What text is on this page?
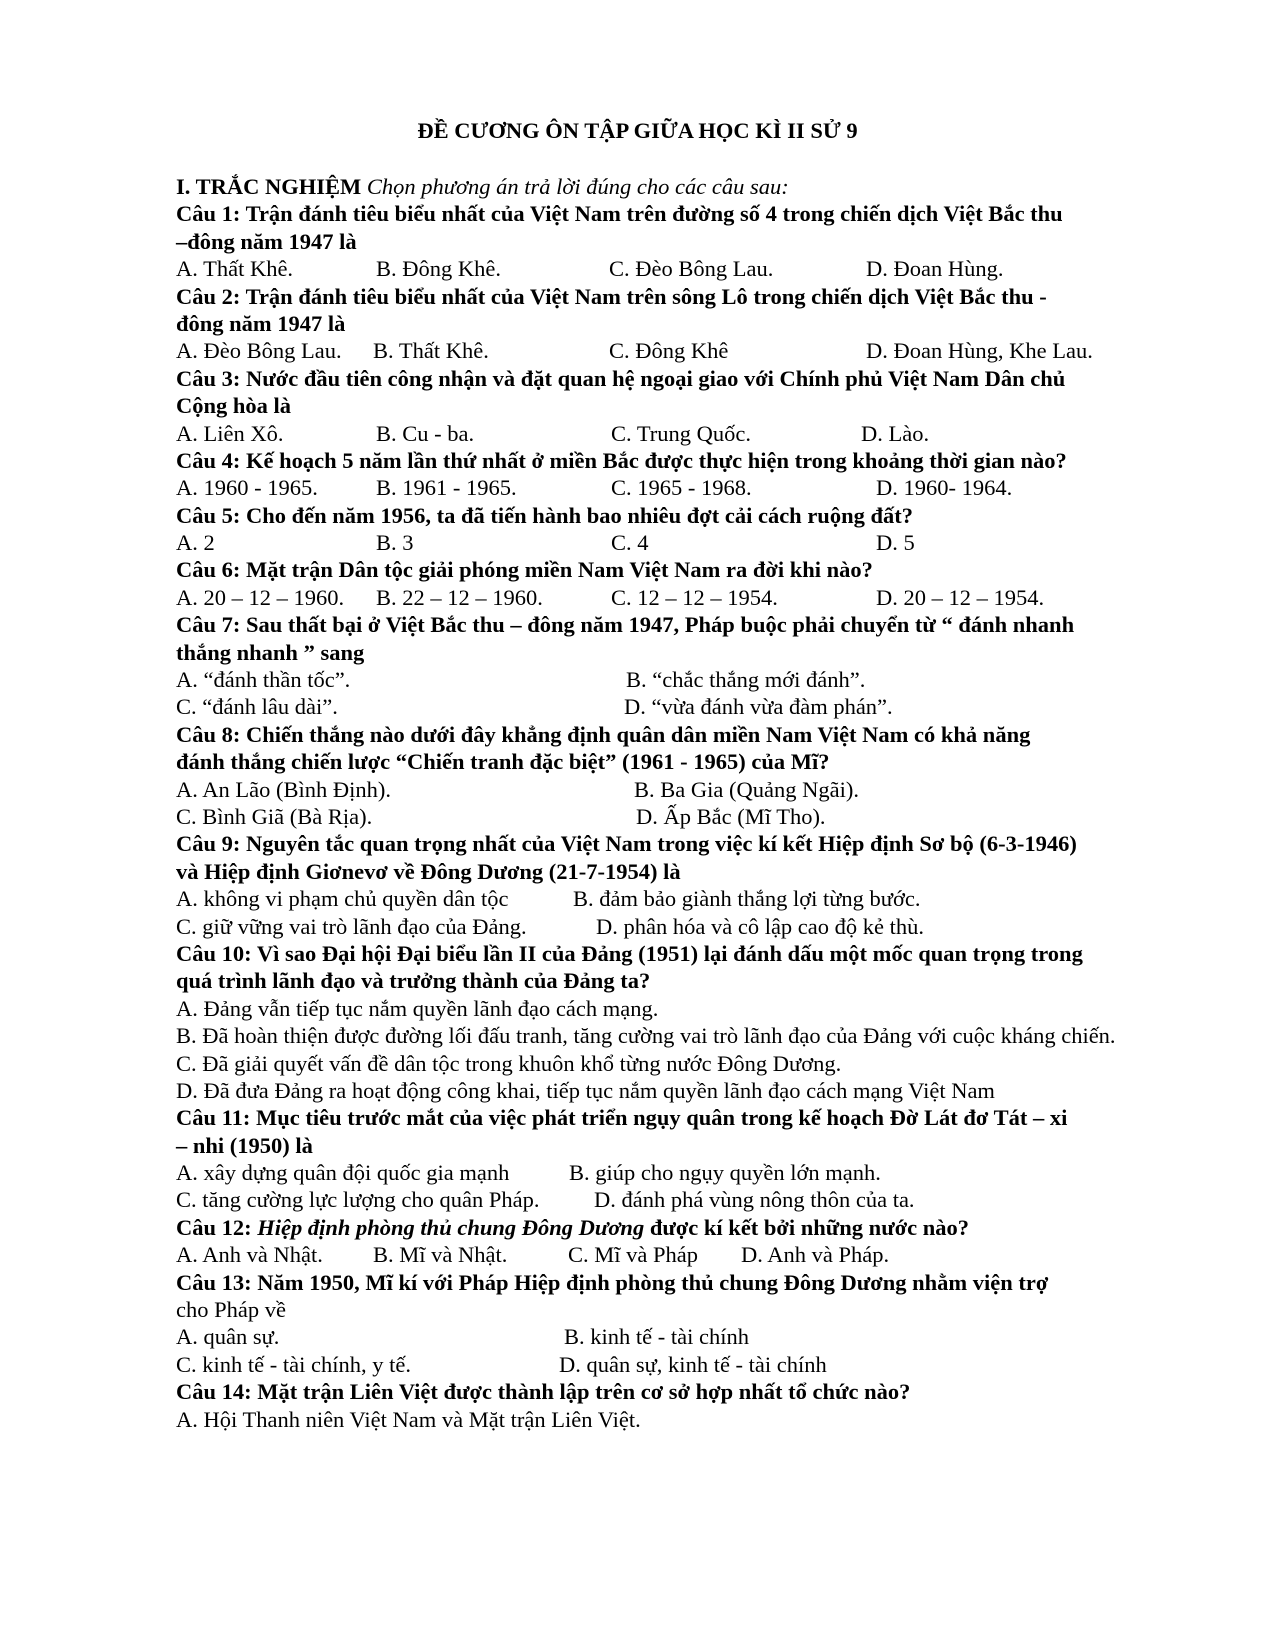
ĐỀ CƯƠNG ÔN TẬP GIỮA HỌC KÌ II SỬ 9
I. TRẮC NGHIỆM Chọn phương án trả lời đúng cho các câu sau:
Câu 1: Trận đánh tiêu biểu nhất của Việt Nam trên đường số 4 trong chiến dịch Việt Bắc thu
–đông năm 1947 là
A. Thất Khê.	B. Đông Khê.	C. Đèo Bông Lau.	D. Đoan Hùng.
Câu 2: Trận đánh tiêu biểu nhất của Việt Nam trên sông Lô trong chiến dịch Việt Bắc thu -
đông năm 1947 là
A. Đèo Bông Lau. B. Thất Khê.	C. Đông Khê	D. Đoan Hùng, Khe Lau.
Câu 3: Nước đầu tiên công nhận và đặt quan hệ ngoại giao với Chính phủ Việt Nam Dân chủ
Cộng hòa là
A. Liên Xô.	B. Cu - ba.	C. Trung Quốc.	D. Lào.
Câu 4: Kế hoạch 5 năm lần thứ nhất ở miền Bắc được thực hiện trong khoảng thời gian nào?
A. 1960 - 1965.	B. 1961 - 1965.	C. 1965 - 1968.	D. 1960- 1964.
Câu 5: Cho đến năm 1956, ta đã tiến hành bao nhiêu đợt cải cách ruộng đất?
A. 2	B. 3	C. 4	D. 5
Câu 6: Mặt trận Dân tộc giải phóng miền Nam Việt Nam ra đời khi nào?
A. 20 – 12 – 1960. B. 22 – 12 – 1960.	C. 12 – 12 – 1954.	D. 20 – 12 – 1954.
Câu 7: Sau thất bại ở Việt Bắc thu – đông năm 1947, Pháp buộc phải chuyển từ “ đánh nhanh
thắng nhanh ” sang
A. “đánh thần tốc”.	B. “chắc thắng mới đánh”.
C. “đánh lâu dài”.	D. “vừa đánh vừa đàm phán”.
Câu 8: Chiến thắng nào dưới đây khẳng định quân dân miền Nam Việt Nam có khả năng
đánh thắng chiến lược “Chiến tranh đặc biệt” (1961 - 1965) của Mĩ?
A. An Lão (Bình Định).	B. Ba Gia (Quảng Ngãi).
C. Bình Giã (Bà Rịa).	D. Ấp Bắc (Mĩ Tho).
Câu 9: Nguyên tắc quan trọng nhất của Việt Nam trong việc kí kết Hiệp định Sơ bộ (6-3-1946)
và Hiệp định Giơnevơ về Đông Dương (21-7-1954) là
A. không vi phạm chủ quyền dân tộc	B. đảm bảo giành thắng lợi từng bước.
C. giữ vững vai trò lãnh đạo của Đảng.	D. phân hóa và cô lập cao độ kẻ thù.
Câu 10: Vì sao Đại hội Đại biểu lần II của Đảng (1951) lại đánh dấu một mốc quan trọng trong
quá trình lãnh đạo và trưởng thành của Đảng ta?
A. Đảng vẫn tiếp tục nắm quyền lãnh đạo cách mạng.
B. Đã hoàn thiện được đường lối đấu tranh, tăng cường vai trò lãnh đạo của Đảng với cuộc kháng chiến.
C. Đã giải quyết vấn đề dân tộc trong khuôn khổ từng nước Đông Dương.
D. Đã đưa Đảng ra hoạt động công khai, tiếp tục nắm quyền lãnh đạo cách mạng Việt Nam
Câu 11: Mục tiêu trước mắt của việc phát triển ngụy quân trong kế hoạch Đờ Lát đơ Tát – xi
– nhi (1950) là
A. xây dựng quân đội quốc gia mạnh	B. giúp cho ngụy quyền lớn mạnh.
C. tăng cường lực lượng cho quân Pháp. D. đánh phá vùng nông thôn của ta.
Câu 12: Hiệp định phòng thủ chung Đông Dương được kí kết bởi những nước nào?
A. Anh và Nhật. B. Mĩ và Nhật.	C. Mĩ và Pháp D. Anh và Pháp.
Câu 13: Năm 1950, Mĩ kí với Pháp Hiệp định phòng thủ chung Đông Dương nhằm viện trợ
cho Pháp về
A. quân sự.	B. kinh tế - tài chính
C. kinh tế - tài chính, y tế.	D. quân sự, kinh tế - tài chính
Câu 14: Mặt trận Liên Việt được thành lập trên cơ sở hợp nhất tổ chức nào?
A. Hội Thanh niên Việt Nam và Mặt trận Liên Việt.
